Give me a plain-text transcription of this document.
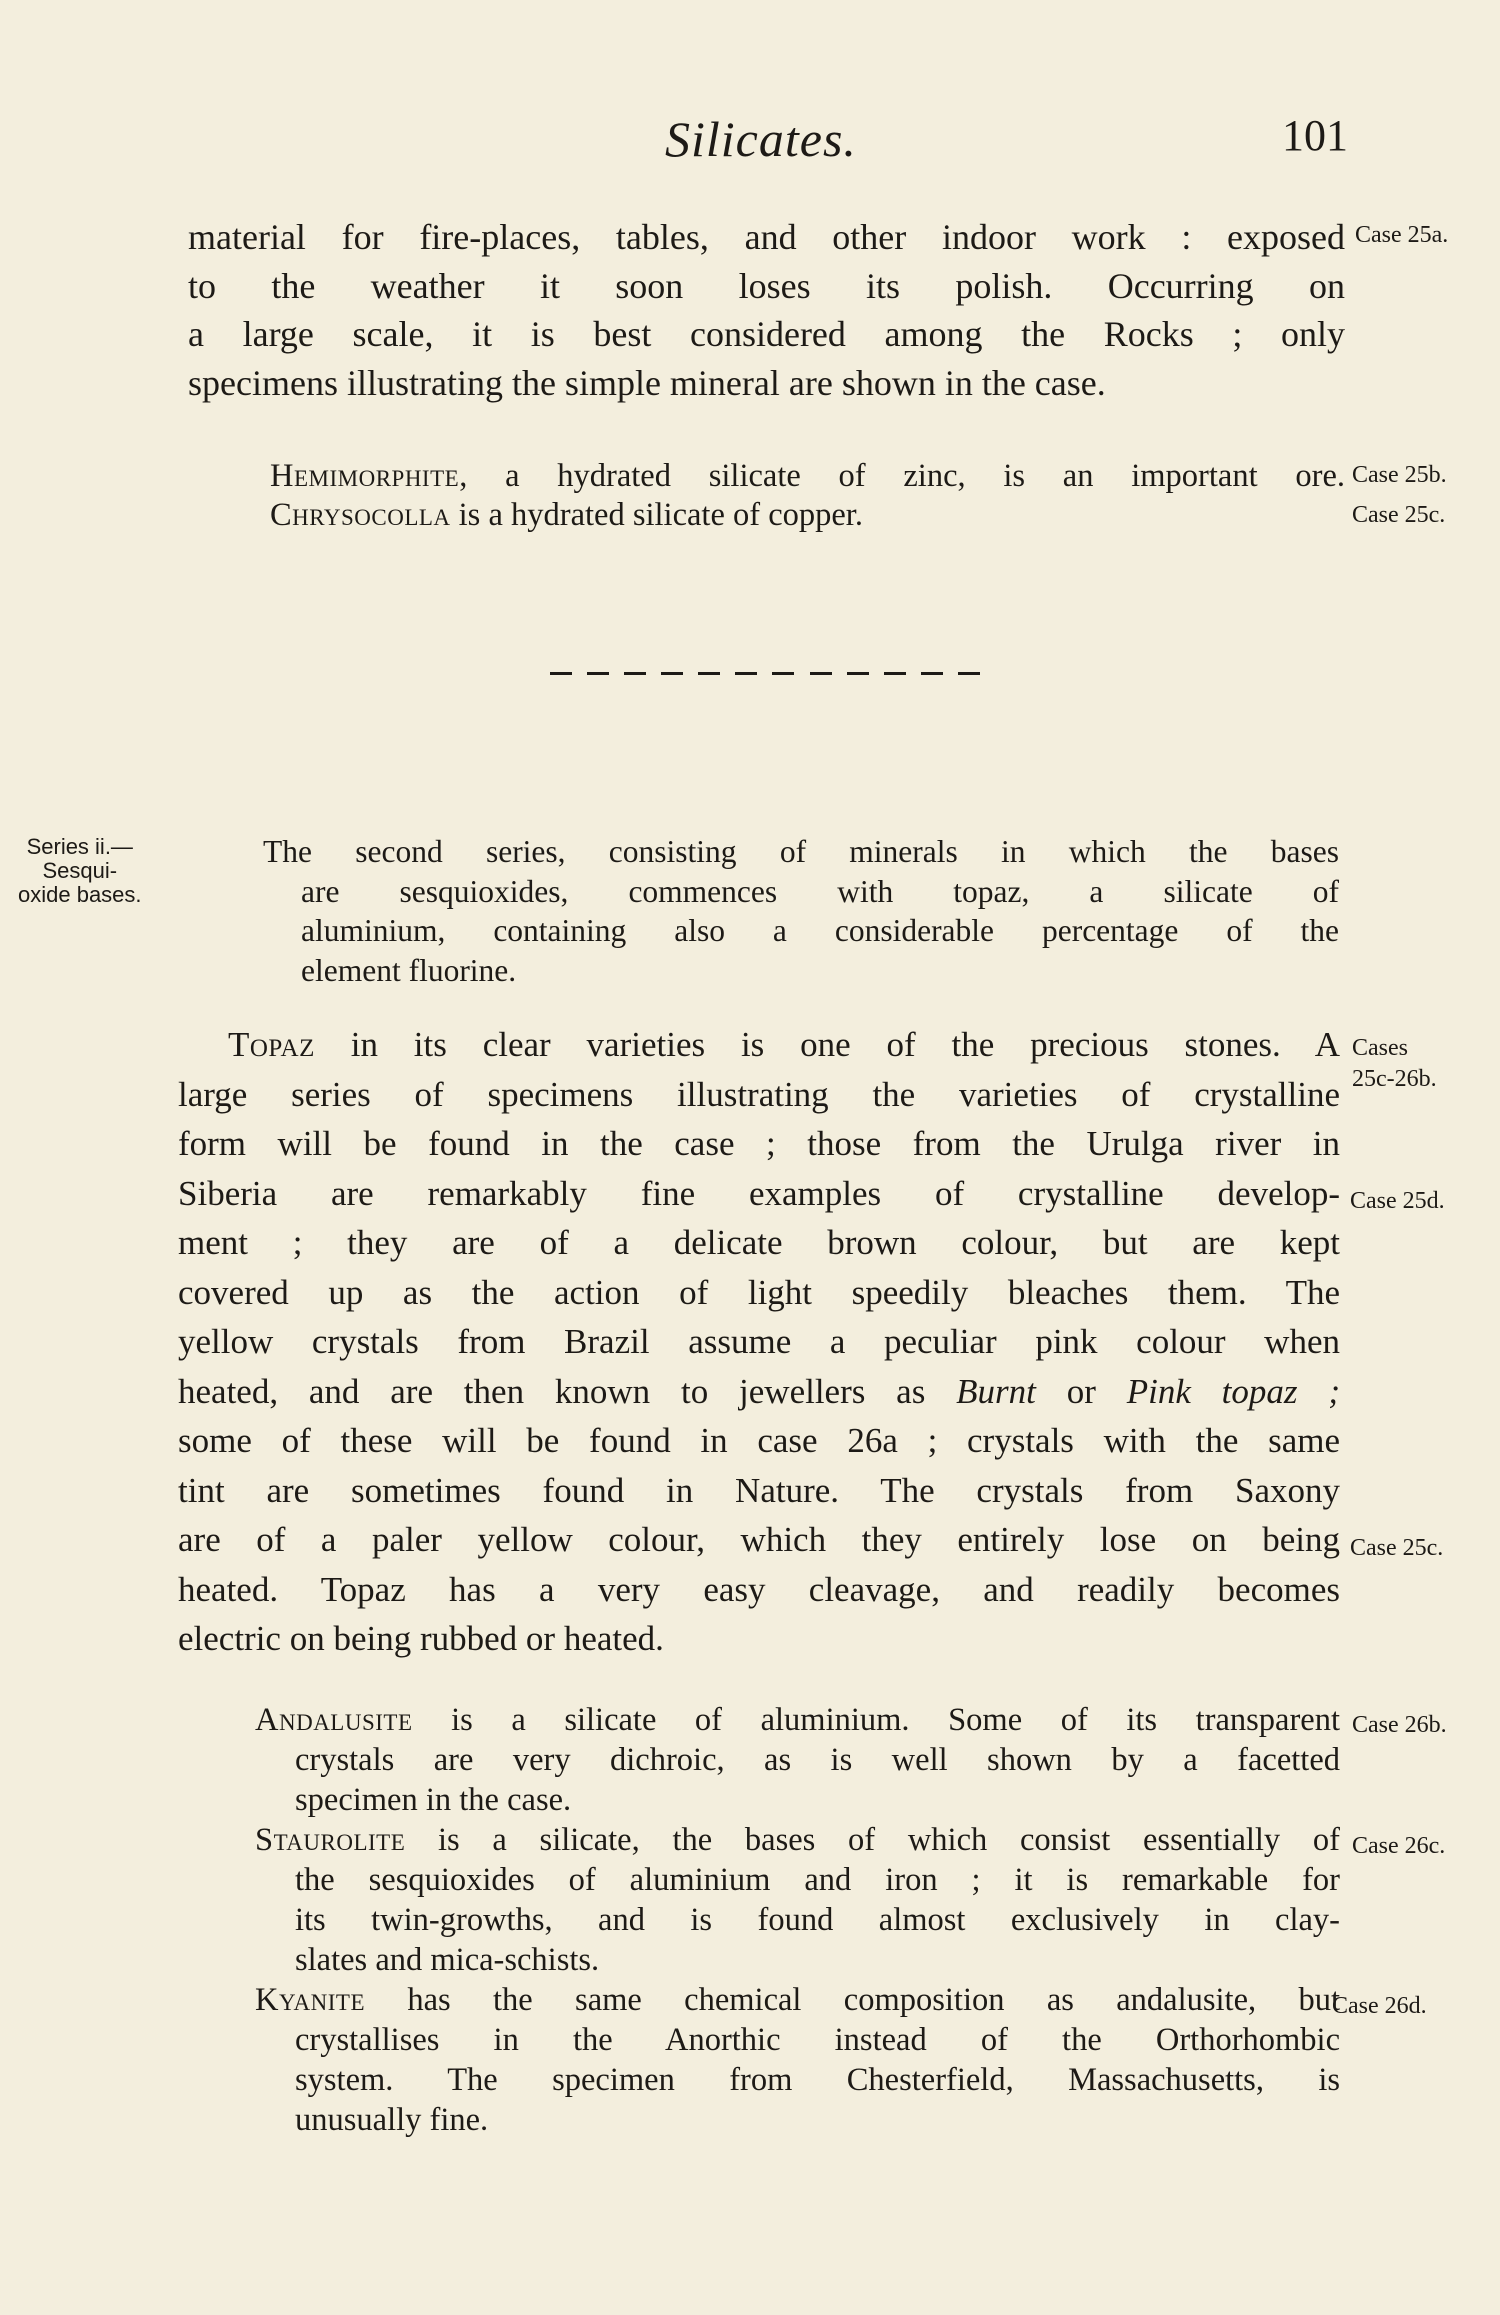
Silicates.	101
material for fire-places, tables, and other indoor work : exposed
to the weather it soon loses its polish. Occurring on
a large scale, it is best considered among the Rocks ; only
specimens illustrating the simple mineral are shown in the case.
Case 25a.
Hemimorphite, a hydrated silicate of zinc, is an important ore. Case 25b.
Chrysocolla is a hydrated silicate of copper.	Case 25c.
Series ii.—
Sesqui-
oxide bases.
The second series, consisting of minerals in which the bases
are sesquioxides, commences with topaz, a silicate of
aluminium, containing also a considerable percentage of the
element fluorine.
Topaz in its clear varieties is one of the precious stones. A
large series of specimens illustrating the varieties of crystalline
form will be found in the case ; those from the Urulga river in
Siberia are remarkably fine examples of crystalline develop-
ment ; they are of a delicate brown colour, but are kept
covered up as the action of light speedily bleaches them. The
yellow crystals from Brazil assume a peculiar pink colour when
heated, and are then known to jewellers as Burnt or Pink topaz ;
some of these will be found in case 26a ; crystals with the same
tint are sometimes found in Nature. The crystals from Saxony
are of a paler yellow colour, which they entirely lose on being
heated. Topaz has a very easy cleavage, and readily becomes
electric on being rubbed or heated.
Cases
25c-26b.
Case 25d.
Case 25c.
Andalusite is a silicate of aluminium. Some of its transparent
crystals are very dichroic, as is well shown by a facetted
specimen in the case.
Case 26b.
Staurolite is a silicate, the bases of which consist essentially of
the sesquioxides of aluminium and iron ; it is remarkable for
its twin-growths, and is found almost exclusively in clay-
slates and mica-schists.
Case 26c.
Kyanite has the same chemical composition as andalusite, but
crystallises in the Anorthic instead of the Orthorhombic
system. The specimen from Chesterfield, Massachusetts, is
unusually fine.
Case 26d.
